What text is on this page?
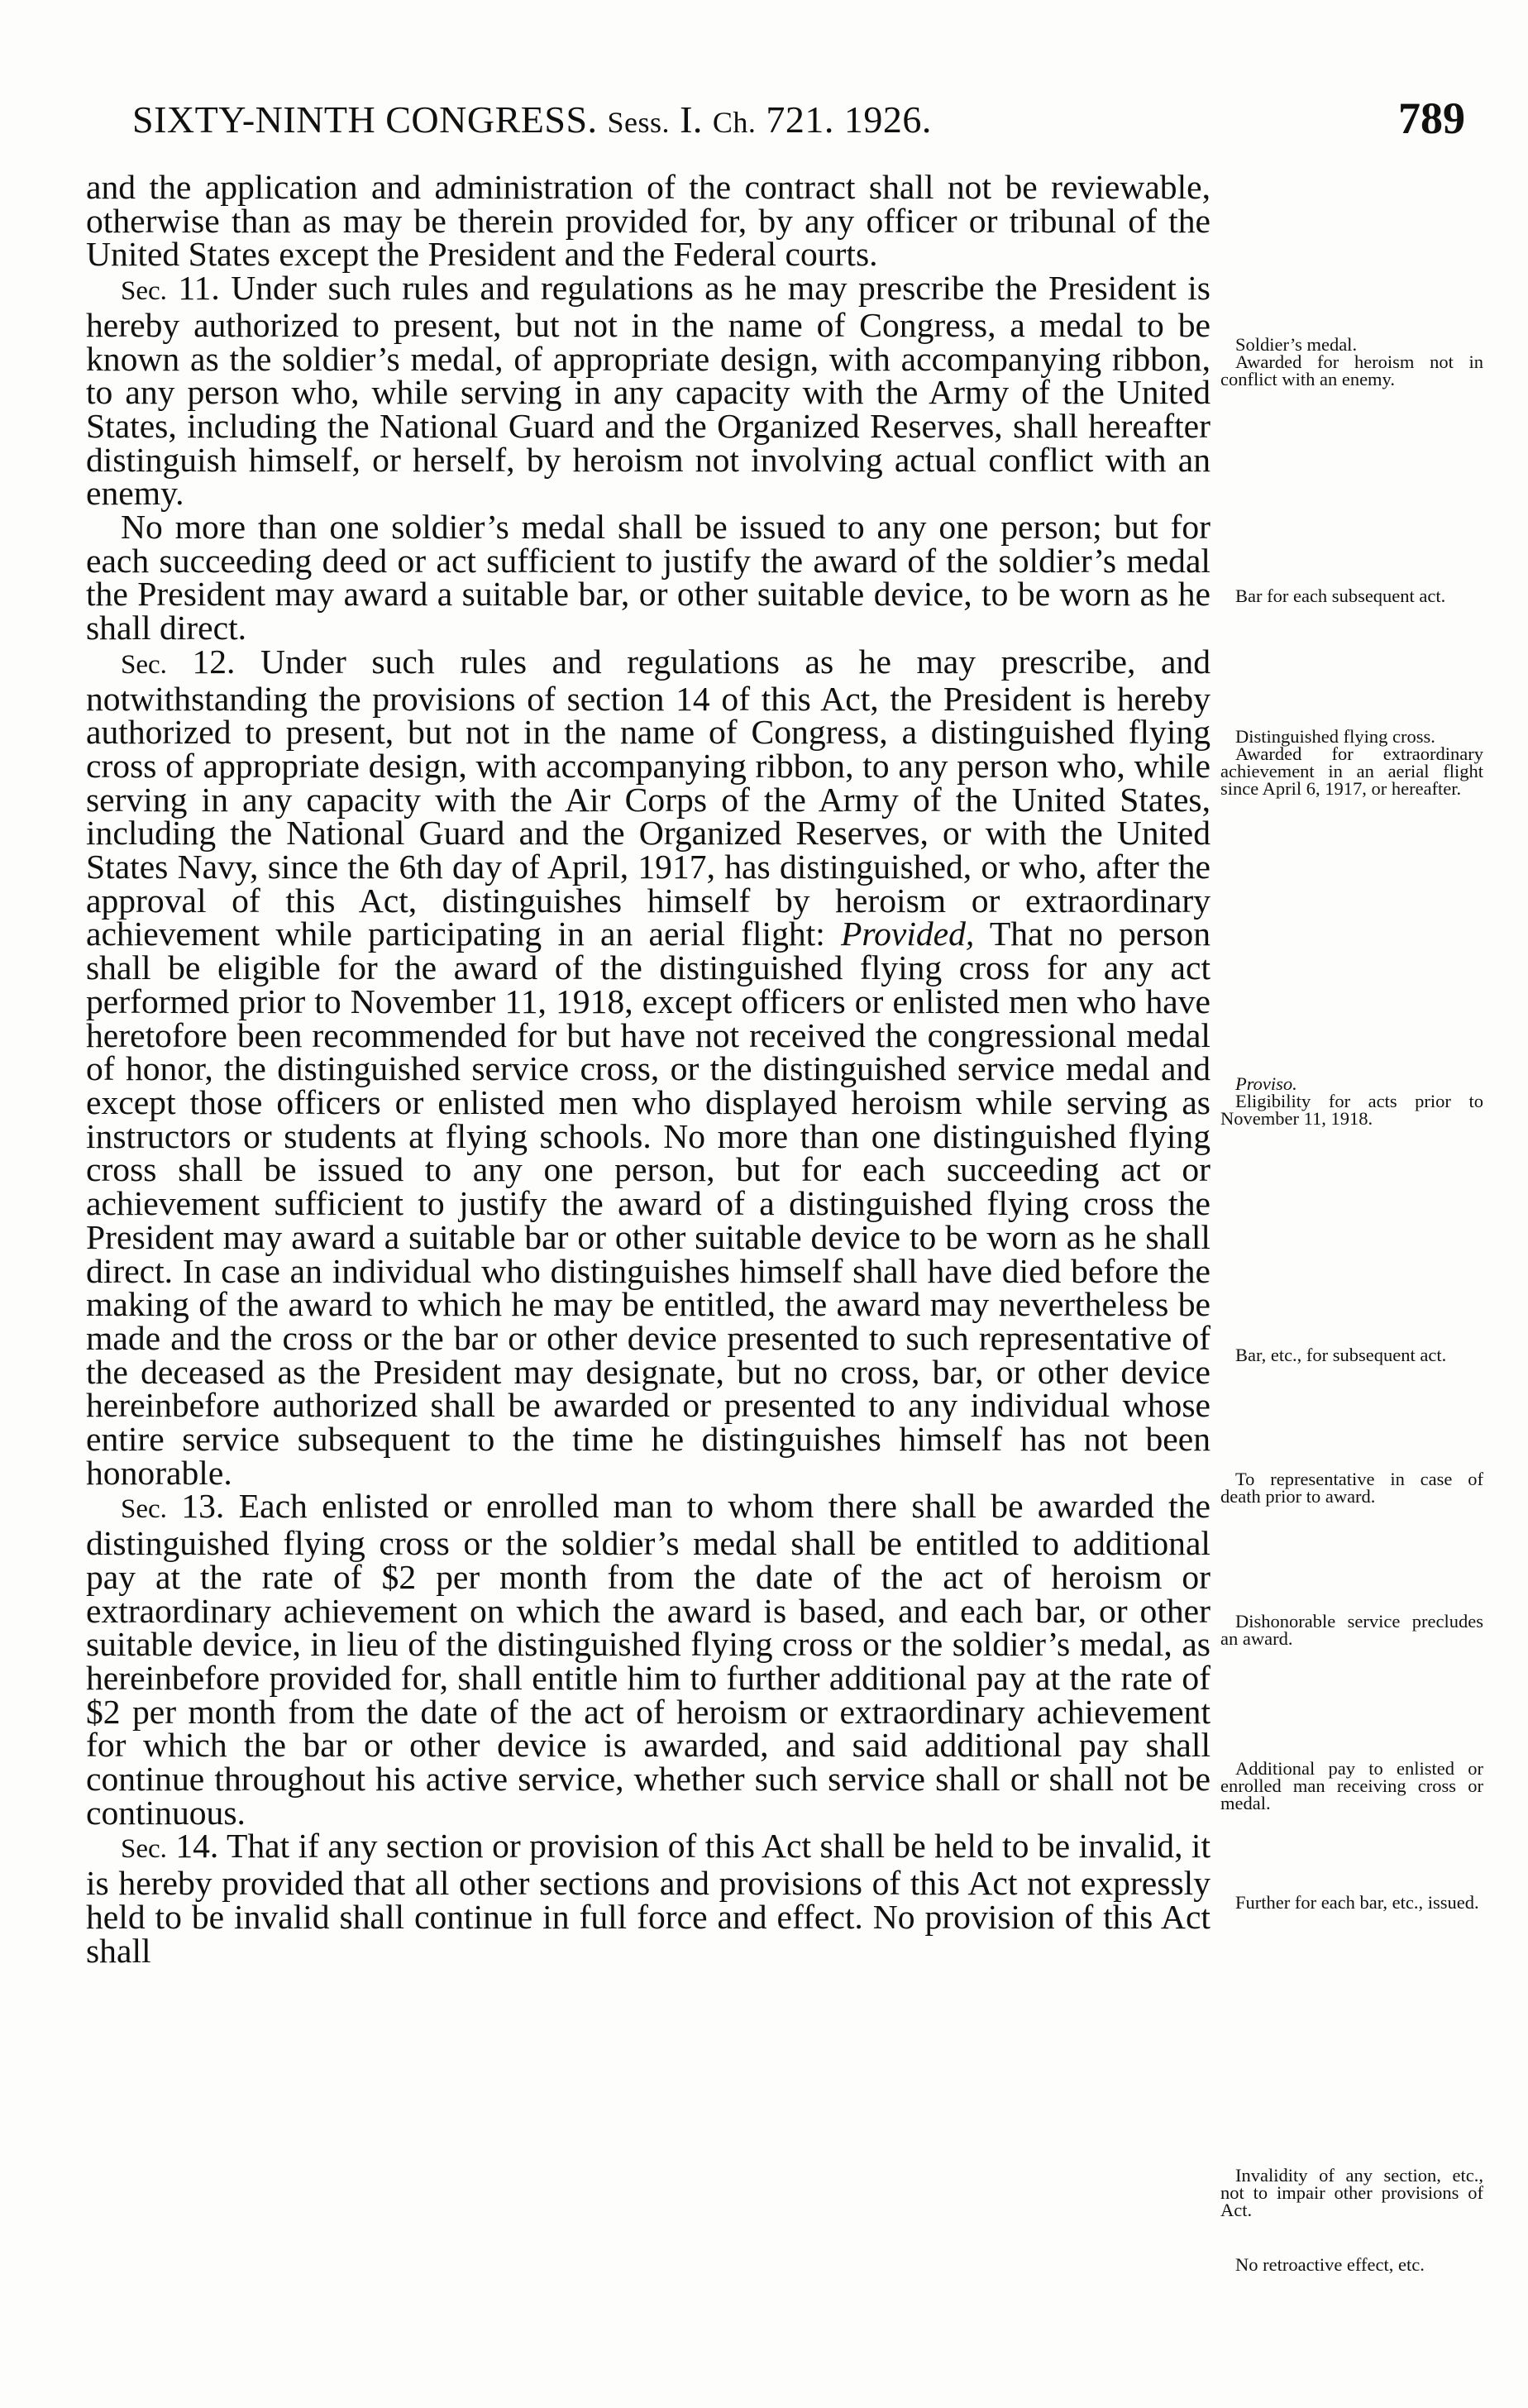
SIXTY-NINTH CONGRESS. Sess. I. Ch. 721. 1926.	789

and the application and administration of the contract shall not be reviewable, otherwise than as may be therein provided for, by any officer or tribunal of the United States except the President and the Federal courts.

Sec. 11. Under such rules and regulations as he may prescribe the President is hereby authorized to present, but not in the name of Congress, a medal to be known as the soldier’s medal, of appropriate design, with accompanying ribbon, to any person who, while serving in any capacity with the Army of the United States, including the National Guard and the Organized Reserves, shall hereafter distinguish himself, or herself, by heroism not involving actual conflict with an enemy.

No more than one soldier’s medal shall be issued to any one person; but for each succeeding deed or act sufficient to justify the award of the soldier’s medal the President may award a suitable bar, or other suitable device, to be worn as he shall direct.

Sec. 12. Under such rules and regulations as he may prescribe, and notwithstanding the provisions of section 14 of this Act, the President is hereby authorized to present, but not in the name of Congress, a distinguished flying cross of appropriate design, with accompanying ribbon, to any person who, while serving in any capacity with the Air Corps of the Army of the United States, including the National Guard and the Organized Reserves, or with the United States Navy, since the 6th day of April, 1917, has distinguished, or who, after the approval of this Act, distinguishes himself by heroism or extraordinary achievement while participating in an aerial flight: Provided, That no person shall be eligible for the award of the distinguished flying cross for any act performed prior to November 11, 1918, except officers or enlisted men who have heretofore been recommended for but have not received the congressional medal of honor, the distinguished service cross, or the distinguished service medal and except those officers or enlisted men who displayed heroism while serving as instructors or students at flying schools. No more than one distinguished flying cross shall be issued to any one person, but for each succeeding act or achievement sufficient to justify the award of a distinguished flying cross the President may award a suitable bar or other suitable device to be worn as he shall direct. In case an individual who distinguishes himself shall have died before the making of the award to which he may be entitled, the award may nevertheless be made and the cross or the bar or other device presented to such representative of the deceased as the President may designate, but no cross, bar, or other device hereinbefore authorized shall be awarded or presented to any individual whose entire service subsequent to the time he distinguishes himself has not been honorable.

Sec. 13. Each enlisted or enrolled man to whom there shall be awarded the distinguished flying cross or the soldier’s medal shall be entitled to additional pay at the rate of $2 per month from the date of the act of heroism or extraordinary achievement on which the award is based, and each bar, or other suitable device, in lieu of the distinguished flying cross or the soldier’s medal, as hereinbefore provided for, shall entitle him to further additional pay at the rate of $2 per month from the date of the act of heroism or extraordinary achievement for which the bar or other device is awarded, and said additional pay shall continue throughout his active service, whether such service shall or shall not be continuous.

Sec. 14. That if any section or provision of this Act shall be held to be invalid, it is hereby provided that all other sections and provisions of this Act not expressly held to be invalid shall continue in full force and effect. No provision of this Act shall

Soldier’s medal.
Awarded for heroism not in conflict with an enemy.
Bar for each subsequent act.
Distinguished flying cross.
Awarded for extraordinary achievement in an aerial flight since April 6, 1917, or hereafter.
Proviso.
Eligibility for acts prior to November 11, 1918.
Bar, etc., for subsequent act.
To representative in case of death prior to award.
Dishonorable service precludes an award.
Additional pay to enlisted or enrolled man receiving cross or medal.
Further for each bar, etc., issued.
Invalidity of any section, etc., not to impair other provisions of Act.
No retroactive effect, etc.
